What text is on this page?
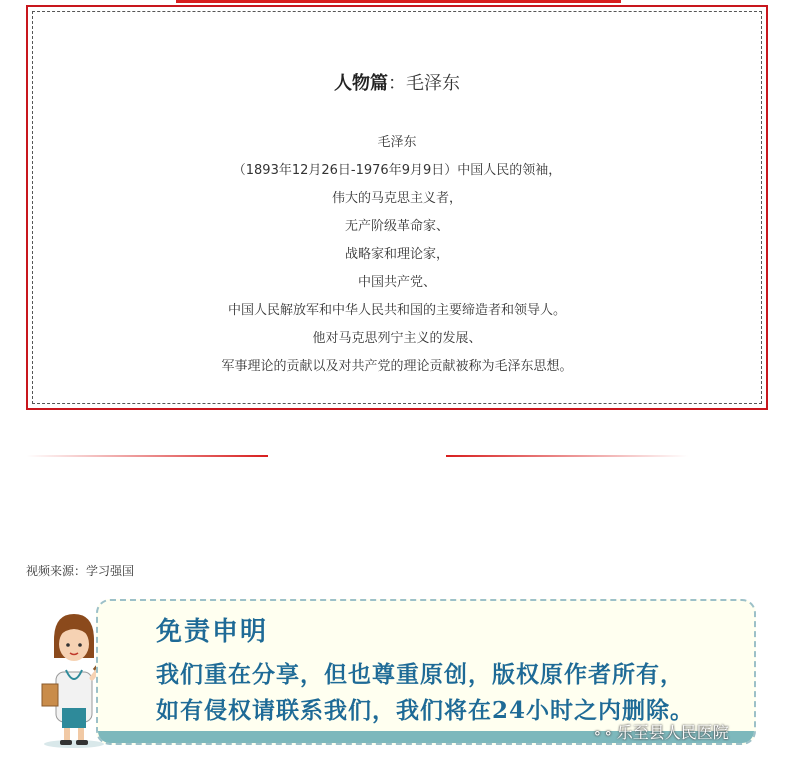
人物篇：毛泽东
毛泽东
（1893年12月26日-1976年9月9日）中国人民的领袖，
伟大的马克思主义者，
无产阶级革命家、
战略家和理论家，
中国共产党、
中国人民解放军和中华人民共和国的主要缔造者和领导人。
他对马克思列宁主义的发展、
军事理论的贡献以及对共产党的理论贡献被称为毛泽东思想。
视频来源：学习强国
免责申明
我们重在分享，但也尊重原创，版权原作者所有，
如有侵权请联系我们，我们将在24小时之内删除。
⚬⚬ 乐至县人民医院
